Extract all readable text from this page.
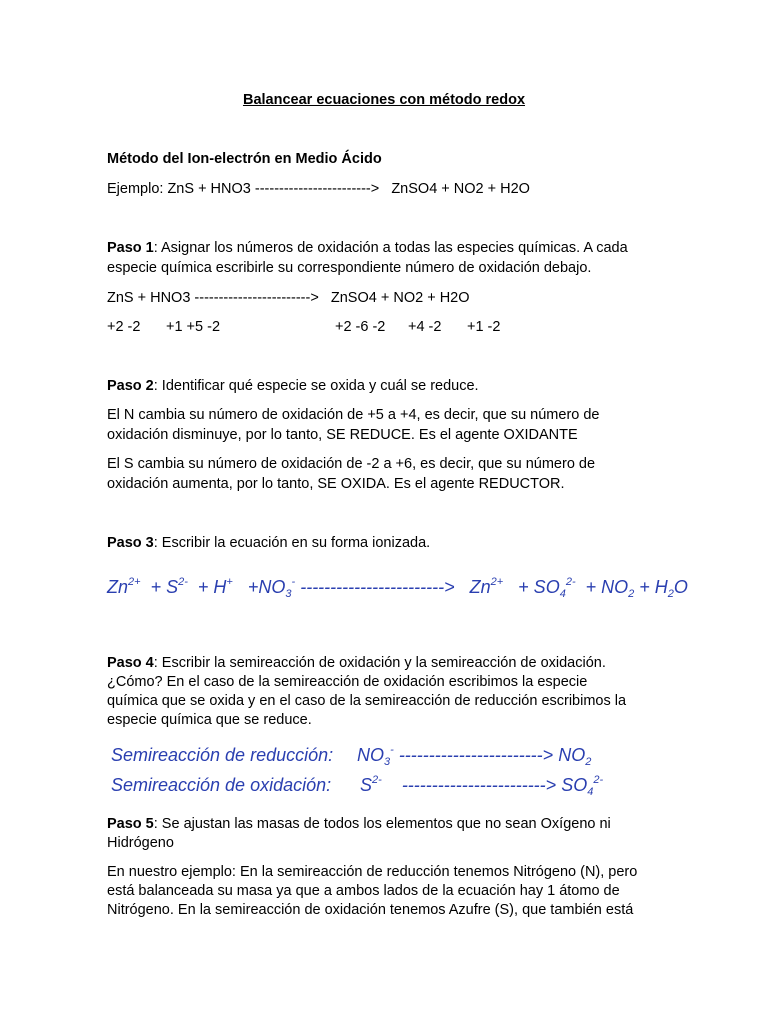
Balancear ecuaciones con método redox
Método del Ion-electrón en Medio Ácido
Ejemplo: ZnS + HNO3 ------------------------> ZnSO4 + NO2 + H2O
Paso 1: Asignar los números de oxidación a todas las especies químicas. A cada
especie química escribirle su correspondiente número de oxidación debajo.
ZnS + HNO3 ------------------------> ZnSO4 + NO2 + H2O
+2 -2 +1 +5 -2	+2 -6 -2 +4 -2 +1 -2
Paso 2: Identificar qué especie se oxida y cuál se reduce.
El N cambia su número de oxidación de +5 a +4, es decir, que su número de
oxidación disminuye, por lo tanto, SE REDUCE. Es el agente OXIDANTE
El S cambia su número de oxidación de -2 a +6, es decir, que su número de
oxidación aumenta, por lo tanto, SE OXIDA. Es el agente REDUCTOR.
Paso 3: Escribir la ecuación en su forma ionizada.
$Zn^{2+} + S^{2-} + H^+ +NO_3^-$ ------------------------> $Zn^{2+} + SO_4^{2-} + NO_2 + H_2O$
Paso 4: Escribir la semireacción de oxidación y la semireacción de oxidación.
¿Cómo? En el caso de la semireacción de oxidación escribimos la especie
química que se oxida y en el caso de la semireacción de reducción escribimos la
especie química que se reduce.
Semireacción de reducción: $NO_3^-$ ------------------------> $NO_2$
Semireacción de oxidación: $S^{2-}$ ------------------------> $SO_4^{2-}$
Paso 5: Se ajustan las masas de todos los elementos que no sean Oxígeno ni
Hidrógeno
En nuestro ejemplo: En la semireacción de reducción tenemos Nitrógeno (N), pero
está balanceada su masa ya que a ambos lados de la ecuación hay 1 átomo de
Nitrógeno. En la semireacción de oxidación tenemos Azufre (S), que también está
